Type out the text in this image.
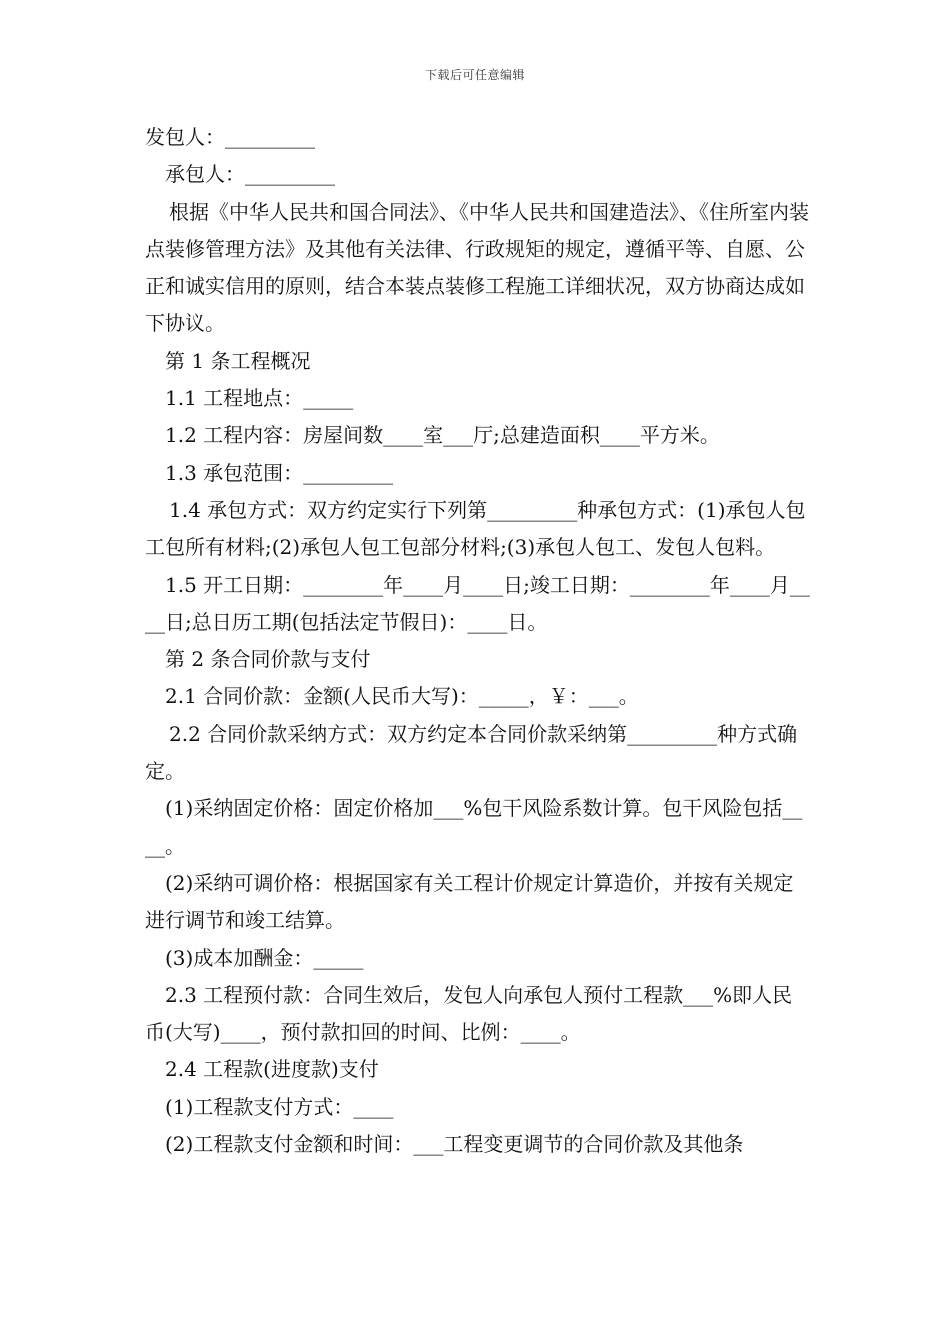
下载后可任意编辑

发包人：_________

承包人：_________

根据《中华人民共和国合同法》、《中华人民共和国建造法》、《住所室内装点装修管理方法》及其他有关法律、行政规矩的规定，遵循平等、自愿、公正和诚实信用的原则，结合本装点装修工程施工详细状况，双方协商达成如下协议。

第 1 条工程概况

1.1 工程地点：_____

1.2 工程内容：房屋间数____室___厅;总建造面积____平方米。

1.3 承包范围：_________

1.4 承包方式：双方约定实行下列第_________种承包方式：(1)承包人包工包所有材料;(2)承包人包工包部分材料;(3)承包人包工、发包人包料。

1.5 开工日期：________年____月____日;竣工日期：________年____月____日;总日历工期(包括法定节假日)：____日。

第 2 条合同价款与支付

2.1 合同价款：金额(人民币大写)：_____，￥：___。

2.2 合同价款采纳方式：双方约定本合同价款采纳第_________种方式确定。

(1)采纳固定价格：固定价格加___%包干风险系数计算。包干风险包括____。

(2)采纳可调价格：根据国家有关工程计价规定计算造价，并按有关规定进行调节和竣工结算。

(3)成本加酬金：_____

2.3 工程预付款：合同生效后，发包人向承包人预付工程款___%即人民币(大写)____，预付款扣回的时间、比例：____。

2.4 工程款(进度款)支付

(1)工程款支付方式：____

(2)工程款支付金额和时间：___工程变更调节的合同价款及其他条
